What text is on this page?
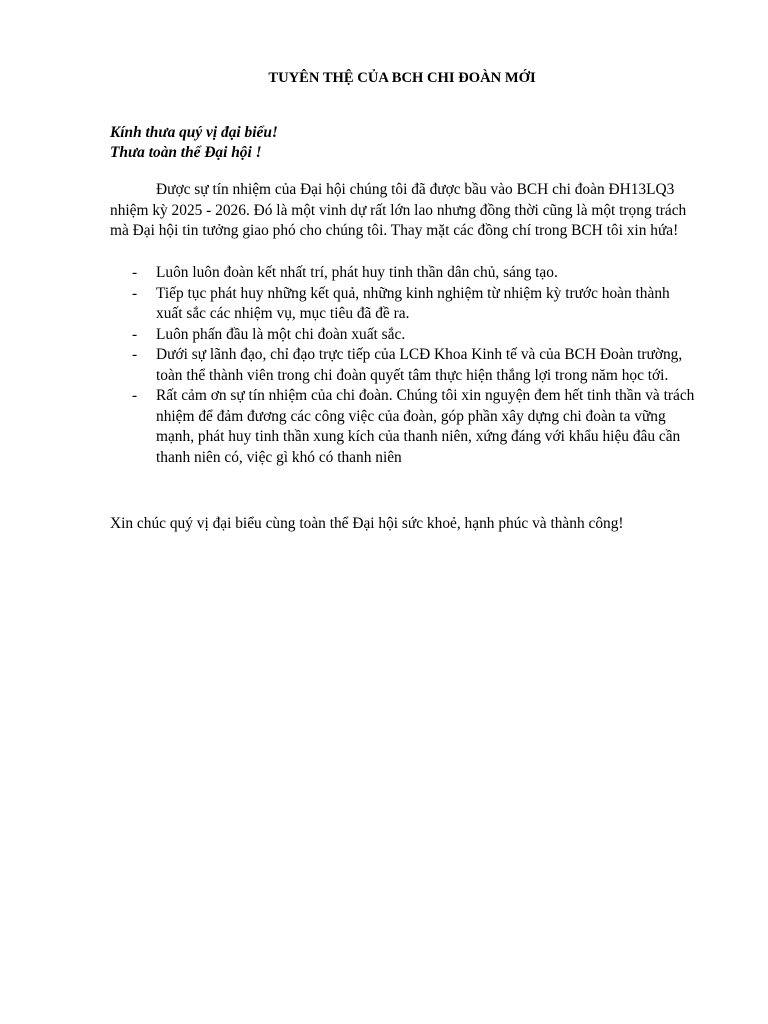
TUYÊN THỆ CỦA BCH CHI ĐOÀN MỚI

Kính thưa quý vị đại biểu!

Thưa toàn thể Đại hội !

Được sự tín nhiệm của Đại hội chúng tôi đã được bầu vào BCH chi đoàn ĐH13LQ3 nhiệm kỳ 2025 - 2026. Đó là một vinh dự rất lớn lao nhưng đồng thời cũng là một trọng trách mà Đại hội tin tưởng giao phó cho chúng tôi. Thay mặt các đồng chí trong BCH tôi xin hứa!

- Luôn luôn đoàn kết nhất trí, phát huy tinh thần dân chủ, sáng tạo.
- Tiếp tục phát huy những kết quả, những kinh nghiệm từ nhiệm kỳ trước hoàn thành xuất sắc các nhiệm vụ, mục tiêu đã đề ra.
- Luôn phấn đầu là một chi đoàn xuất sắc.
- Dưới sự lãnh đạo, chỉ đạo trực tiếp của LCĐ Khoa Kinh tế và của BCH Đoàn trường, toàn thể thành viên trong chi đoàn quyết tâm thực hiện thắng lợi trong năm học tới.
- Rất cảm ơn sự tín nhiệm của chi đoàn. Chúng tôi xin nguyện đem hết tinh thần và trách nhiệm để đảm đương các công việc của đoàn, góp phần xây dựng chi đoàn ta vững mạnh, phát huy tinh thần xung kích của thanh niên, xứng đáng với khẩu hiệu đâu cần thanh niên có, việc gì khó có thanh niên

Xin chúc quý vị đại biểu cùng toàn thể Đại hội sức khoẻ, hạnh phúc và thành công!
